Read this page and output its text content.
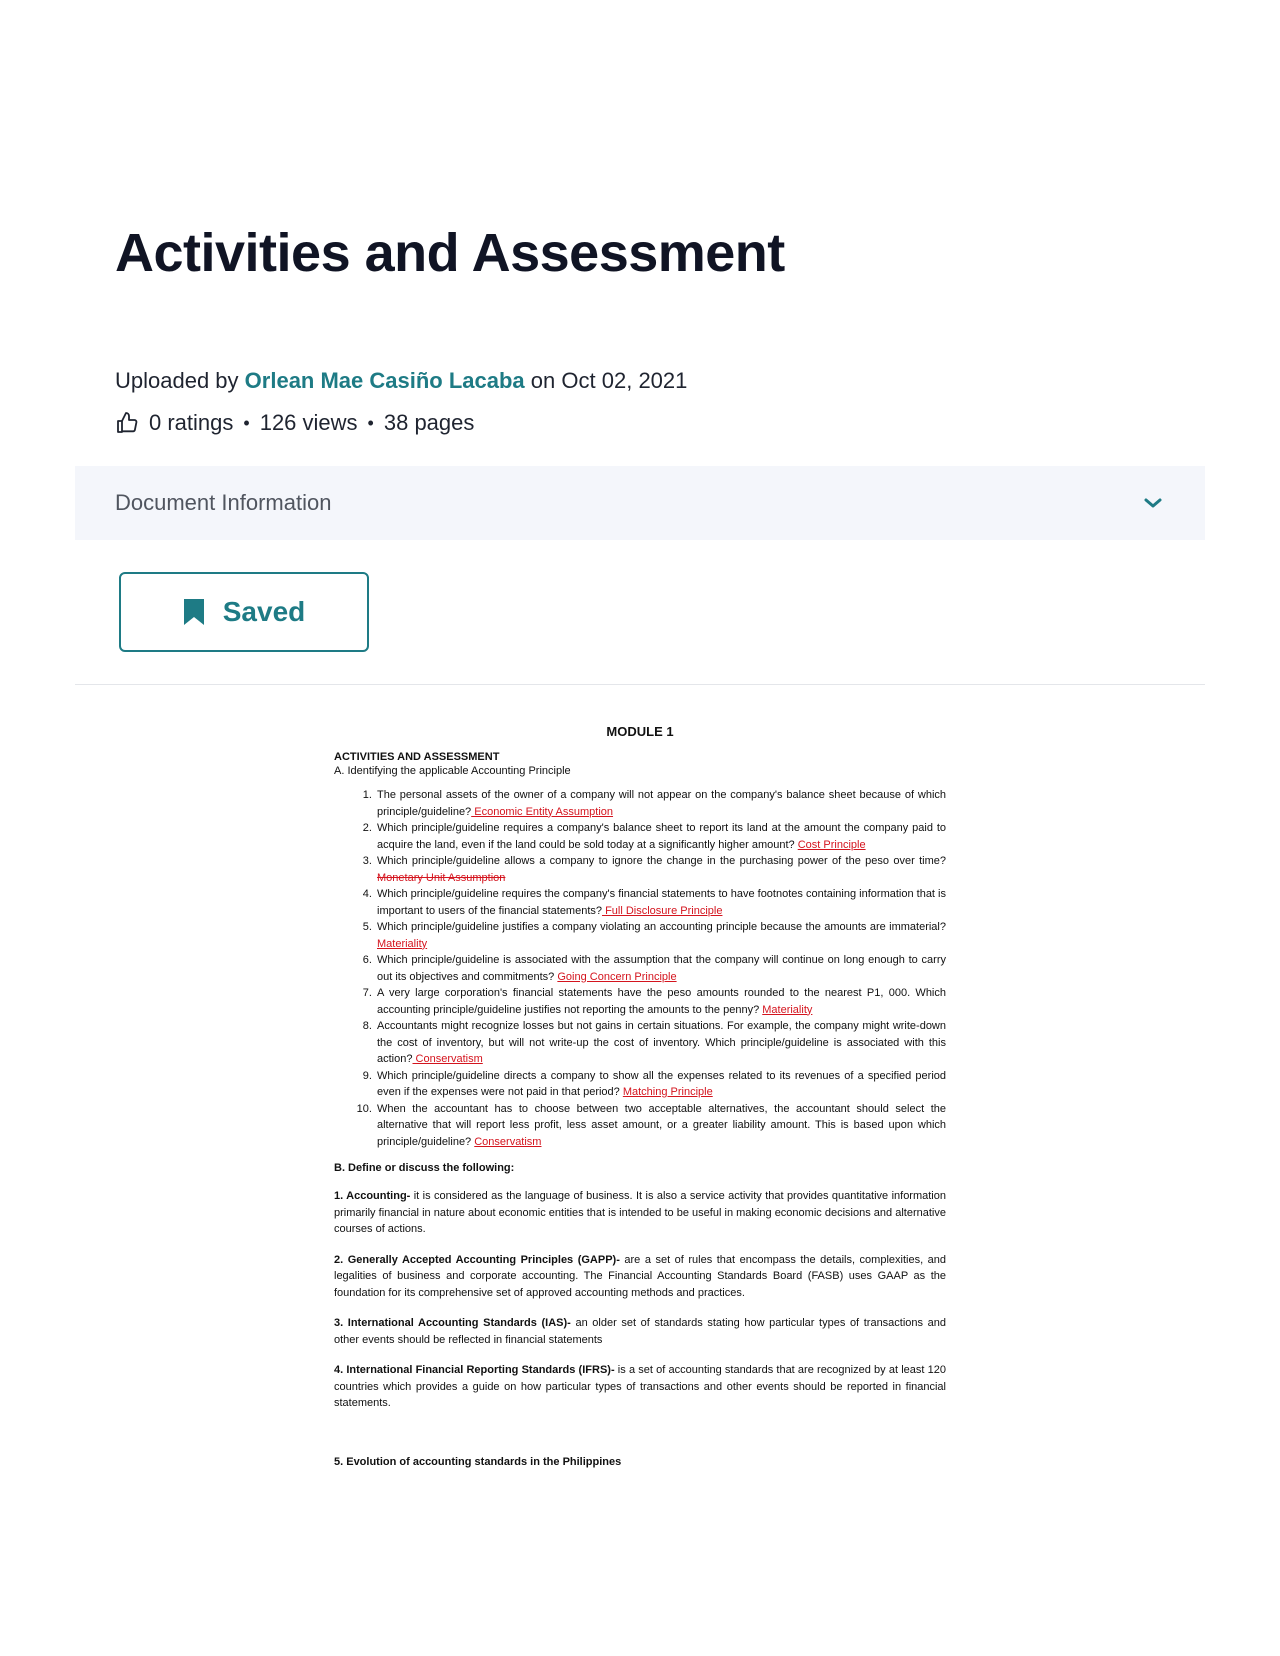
Activities and Assessment
Uploaded by Orlean Mae Casiño Lacaba on Oct 02, 2021
0 ratings • 126 views • 38 pages
Document Information
Saved

MODULE 1

ACTIVITIES AND ASSESSMENT

A. Identifying the applicable Accounting Principle

1. The personal assets of the owner of a company will not appear on the company's balance sheet because of which principle/guideline? Economic Entity Assumption
2. Which principle/guideline requires a company's balance sheet to report its land at the amount the company paid to acquire the land, even if the land could be sold today at a significantly higher amount? Cost Principle
3. Which principle/guideline allows a company to ignore the change in the purchasing power of the peso over time? Monetary Unit Assumption
4. Which principle/guideline requires the company's financial statements to have footnotes containing information that is important to users of the financial statements? Full Disclosure Principle
5. Which principle/guideline justifies a company violating an accounting principle because the amounts are immaterial? Materiality
6. Which principle/guideline is associated with the assumption that the company will continue on long enough to carry out its objectives and commitments? Going Concern Principle
7. A very large corporation's financial statements have the peso amounts rounded to the nearest P1, 000. Which accounting principle/guideline justifies not reporting the amounts to the penny? Materiality
8. Accountants might recognize losses but not gains in certain situations. For example, the company might write-down the cost of inventory, but will not write-up the cost of inventory. Which principle/guideline is associated with this action? Conservatism
9. Which principle/guideline directs a company to show all the expenses related to its revenues of a specified period even if the expenses were not paid in that period? Matching Principle
10. When the accountant has to choose between two acceptable alternatives, the accountant should select the alternative that will report less profit, less asset amount, or a greater liability amount. This is based upon which principle/guideline? Conservatism

B. Define or discuss the following:

1. Accounting- it is considered as the language of business. It is also a service activity that provides quantitative information primarily financial in nature about economic entities that is intended to be useful in making economic decisions and alternative courses of actions.

2. Generally Accepted Accounting Principles (GAPP)- are a set of rules that encompass the details, complexities, and legalities of business and corporate accounting. The Financial Accounting Standards Board (FASB) uses GAAP as the foundation for its comprehensive set of approved accounting methods and practices.

3. International Accounting Standards (IAS)- an older set of standards stating how particular types of transactions and other events should be reflected in financial statements

4. International Financial Reporting Standards (IFRS)- is a set of accounting standards that are recognized by at least 120 countries which provides a guide on how particular types of transactions and other events should be reported in financial statements.

5. Evolution of accounting standards in the Philippines
